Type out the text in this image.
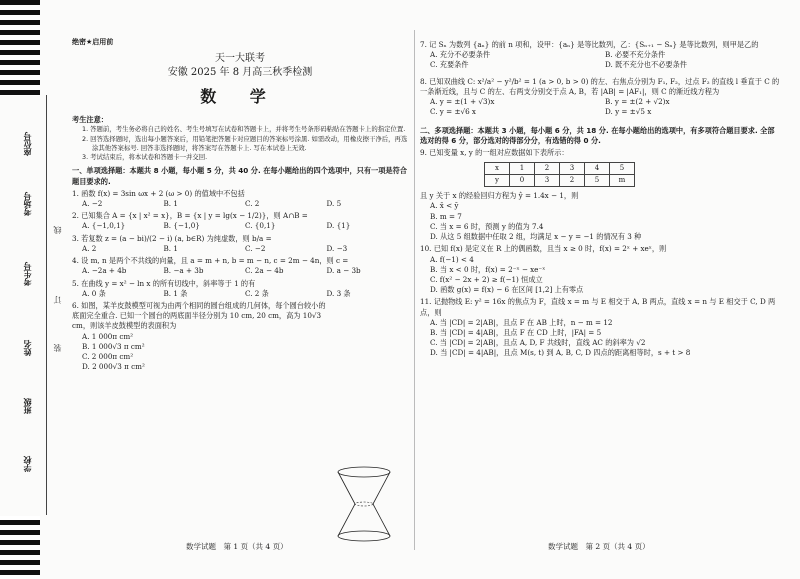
座位号
考场号
考生号
姓名
班级
学校
线
订
装
绝密★启用前
天一大联考
安徽 2025 年 8 月高三秋季检测
数 学
考生注意：
1. 答题前，考生务必将自己的姓名、考生号填写在试卷和答题卡上，并将考生号条形码粘贴在答题卡上的指定位置.
2. 回答选择题时，选出每小题答案后，用铅笔把答题卡对应题目的答案标号涂黑. 如需改动，用橡皮擦干净后，再选涂其他答案标号. 回答非选择题时，将答案写在答题卡上. 写在本试卷上无效.
3. 考试结束后，将本试卷和答题卡一并交回.
一、单项选择题：本题共 8 小题，每小题 5 分，共 40 分. 在每小题给出的四个选项中，只有一项是符合题目要求的.
1. 函数 f(x) = 3sin ωx + 2 (ω > 0) 的值域中不包括
A. −2	B. 1	C. 2	D. 5
2. 已知集合 A = {x | x² = x}，B = {x | y = lg(x − 1/2)}，则 A∩B =
A. {−1,0,1}	B. {−1,0}	C. {0,1}	D. {1}
3. 若复数 z = (a − bi)/(2 − i) (a, b∈R) 为纯虚数，则 b/a =
A. 2	B. 1	C. −2	D. −3
4. 设 m, n 是两个不共线的向量，且 a = m + n, b = m − n, c = 2m − 4n，则 c =
A. −2a + 4b	B. −a + 3b	C. 2a − 4b	D. a − 3b
5. 在曲线 y = x² − ln x 的所有切线中，斜率等于 1 的有
A. 0 条	B. 1 条	C. 2 条	D. 3 条
6. 如图，某羊皮鼓模型可视为由两个相同的圆台组成的几何体，每个圆台较小的底面完全重合. 已知一个圆台的两底面半径分别为 10 cm, 20 cm，高为 10√3 cm，则该羊皮鼓模型的表面积为
A. 1 000π cm²
B. 1 000√3 π cm²
C. 2 000π cm²
D. 2 000√3 π cm²
7. 记 Sₙ 为数列 {aₙ} 的前 n 项和，设甲：{aₙ} 是等比数列，乙：{Sₙ₊₁ − Sₙ} 是等比数列，则甲是乙的
A. 充分不必要条件	B. 必要不充分条件
C. 充要条件	D. 既不充分也不必要条件
8. 已知双曲线 C: x²/a² − y²/b² = 1 (a > 0, b > 0) 的左、右焦点分别为 F₁, F₂，过点 F₂ 的直线 l 垂直于 C 的一条渐近线，且与 C 的左、右两支分别交于点 A, B，若 |AB| = |AF₁|，则 C 的渐近线方程为
A. y = ±(1 + √3)x	B. y = ±(2 + √2)x
C. y = ±√6 x	D. y = ±√5 x
二、多项选择题：本题共 3 小题，每小题 6 分，共 18 分. 在每小题给出的选项中，有多项符合题目要求. 全部选对的得 6 分，部分选对的得部分分，有选错的得 0 分.
9. 已知变量 x, y 的一组对应数据如下表所示：
x	1	2	3	4	5
y	0	3	2	5	m
且 y 关于 x 的经验回归方程为 ŷ = 1.4x − 1，则
A. x̄ < ȳ
B. m = 7
C. 当 x = 6 时，预测 y 的值为 7.4
D. 从这 5 组数据中任取 2 组，均满足 x − y = −1 的情况有 3 种
10. 已知 f(x) 是定义在 R 上的偶函数，且当 x ≥ 0 时，f(x) = 2ˣ + xeˣ，则
A. f(−1) < 4
B. 当 x < 0 时，f(x) = 2⁻ˣ − xe⁻ˣ
C. f(x² − 2x + 2) ≥ f(−1) 恒成立
D. 函数 g(x) = f(x) − 6 在区间 [1,2] 上有零点
11. 记抛物线 E: y² = 16x 的焦点为 F，直线 x = m 与 E 相交于 A, B 两点，直线 x = n 与 E 相交于 C, D 两点，则
A. 当 |CD| = 2|AB|，且点 F 在 AB 上时，n − m = 12
B. 当 |CD| = 4|AB|，且点 F 在 CD 上时，|FA| = 5
C. 当 |CD| = 2|AB|，且点 A, D, F 共线时，直线 AC 的斜率为 √2
D. 当 |CD| = 4|AB|，且点 M(s, t) 到 A, B, C, D 四点的距离相等时，s + t > 8
数学试题　第 1 页（共 4 页）	数学试题　第 2 页（共 4 页）
